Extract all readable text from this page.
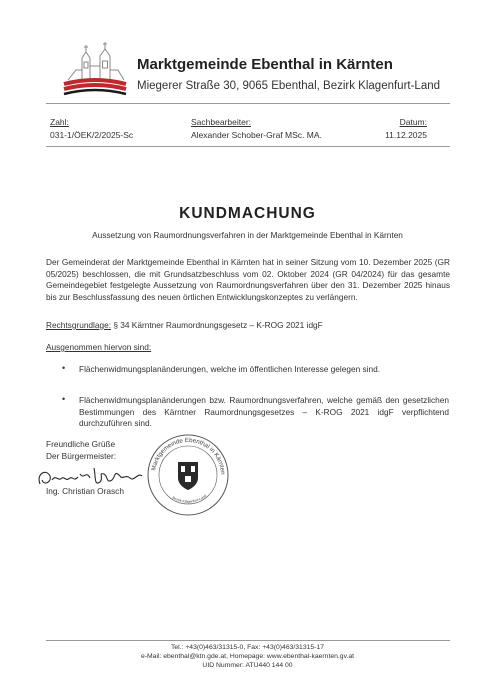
Marktgemeinde Ebenthal in Kärnten
Miegerer Straße 30, 9065 Ebenthal, Bezirk Klagenfurt-Land
Zahl:
031-1/ÖEK/2/2025-Sc
Sachbearbeiter:
Alexander Schober-Graf MSc. MA.
Datum:
11.12.2025
KUNDMACHUNG
Aussetzung von Raumordnungsverfahren in der Marktgemeinde Ebenthal in Kärnten
Der Gemeinderat der Marktgemeinde Ebenthal in Kärnten hat in seiner Sitzung vom 10. Dezember 2025 (GR 05/2025) beschlossen, die mit Grundsatzbeschluss vom 02. Oktober 2024 (GR 04/2024) für das gesamte Gemeindegebiet festgelegte Aussetzung von Raumordnungsverfahren über den 31. Dezember 2025 hinaus bis zur Beschlussfassung des neuen örtlichen Entwicklungskonzeptes zu verlängern.
Rechtsgrundlage: § 34 Kärntner Raumordnungsgesetz – K-ROG 2021 idgF
Ausgenommen hiervon sind:
• Flächenwidmungsplanänderungen, welche im öffentlichen Interesse gelegen sind.
• Flächenwidmungsplanänderungen bzw. Raumordnungsverfahren, welche gemäß den gesetzlichen Bestimmungen des Kärntner Raumordnungsgesetzes – K-ROG 2021 idgF verpflichtend durchzuführen sind.
Freundliche Grüße
Der Bürgermeister:
Marktgemeinde Ebenthal in Kärnten
Bezirk Klagenfurt-Land
Ing. Christian Orasch
Tel.: +43(0)463/31315-0, Fax: +43(0)463/31315-17
e-Mail: ebenthal@ktn.gde.at, Homepage: www.ebenthal-kaernten.gv.at
UID Nummer: ATU440 144 00
